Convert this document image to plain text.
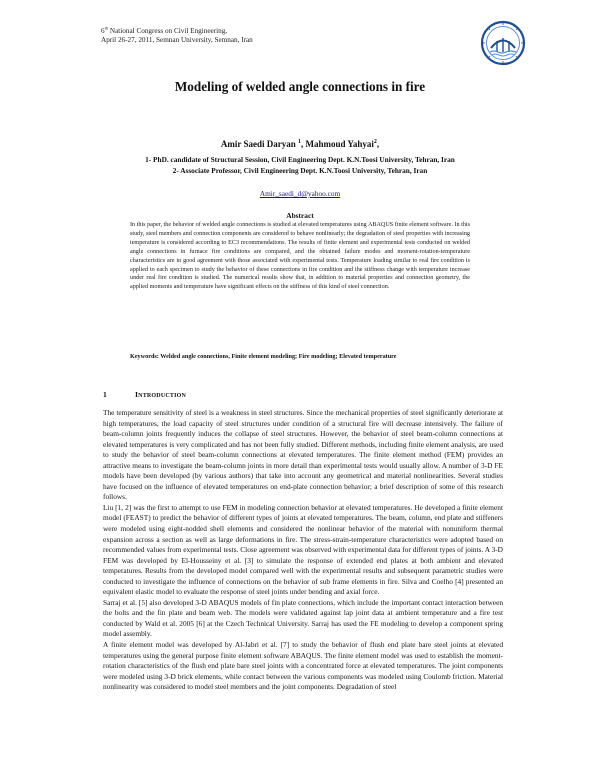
6th National Congress on Civil Engineering,
April 26-27, 2011, Semnan University, Semnan, Iran
Modeling of welded angle connections in fire
Amir Saedi Daryan $^1$, Mahmoud Yahyai$^2$,
1- PhD. candidate of Structural Session, Civil Engineering Dept. K.N.Toosi University, Tehran, Iran
2- Associate Professor, Civil Engineering Dept. K.N.Toosi University, Tehran, Iran
Amir_saedi_d@yahoo.com
Abstract
In this paper, the behavior of welded angle connections is studied at elevated temperatures using ABAQUS finite element software. In this study, steel members and connection components are considered to behave nonlinearly; the degradation of steel properties with increasing temperature is considered according to EC3 recommendations. The results of finite element and experimental tests conducted on welded angle connections in furnace fire conditions are compared, and the obtained failure modes and moment-rotation-temperature characteristics are in good agreement with those associated with experimental tests. Temperature loading similar to real fire condition is applied to each specimen to study the behavior of these connections in fire condition and the stiffness change with temperature increase under real fire condition is studied. The numerical results show that, in addition to material properties and connection geometry, the applied moments and temperature have significant effects on the stiffness of this kind of steel connection.
Keywords: Welded angle connections, Finite element modeling; Fire modeling; Elevated temperature
1	INTRODUCTION

The temperature sensitivity of steel is a weakness in steel structures. Since the mechanical properties of steel significantly deteriorate at high temperatures, the load capacity of steel structures under condition of a structural fire will decrease intensively. The failure of beam-column joints frequently induces the collapse of steel structures. However, the behavior of steel beam-column connections at elevated temperatures is very complicated and has not been fully studied. Different methods, including finite element analysis, are used to study the behavior of steel beam-column connections at elevated temperatures. The finite element method (FEM) provides an attractive means to investigate the beam-column joints in more detail than experimental tests would usually allow. A number of 3-D FE models have been developed (by various authors) that take into account any geometrical and material nonlinearities. Several studies have focused on the influence of elevated temperatures on end-plate connection behavior; a brief description of some of this research follows.

Liu [1, 2] was the first to attempt to use FEM in modeling connection behavior at elevated temperatures. He developed a finite element model (FEAST) to predict the behavior of different types of joints at elevated temperatures. The beam, column, end plate and stiffeners were modeled using eight-nodded shell elements and considered the nonlinear behavior of the material with nonuniform thermal expansion across a section as well as large deformations in fire. The stress-strain-temperature characteristics were adopted based on recommended values from experimental tests. Close agreement was observed with experimental data for different types of joints. A 3-D FEM was developed by El-Housseiny et al. [3] to simulate the response of extended end plates at both ambient and elevated temperatures. Results from the developed model compared well with the experimental results and subsequent parametric studies were conducted to investigate the influence of connections on the behavior of sub frame elements in fire. Silva and Coelho [4] presented an equivalent elastic model to evaluate the response of steel joints under bending and axial force.

Sarraj et al. [5] also developed 3-D ABAQUS models of fin plate connections, which include the important contact interaction between the bolts and the fin plate and beam web. The models were validated against lap joint data at ambient temperature and a fire test conducted by Wald et al. 2005 [6] at the Czech Technical University. Sarraj has used the FE modeling to develop a component spring model assembly.

A finite element model was developed by Al-Jabri et al. [7] to study the behavior of flush end plate bare steel joints at elevated temperatures using the general purpose finite element software ABAQUS. The finite element model was used to establish the moment-rotation characteristics of the flush end plate bare steel joints with a concentrated force at elevated temperatures. The joint components were modeled using 3-D brick elements, while contact between the various components was modeled using Coulomb friction. Material nonlinearity was considered to model steel members and the joint components. Degradation of steel
